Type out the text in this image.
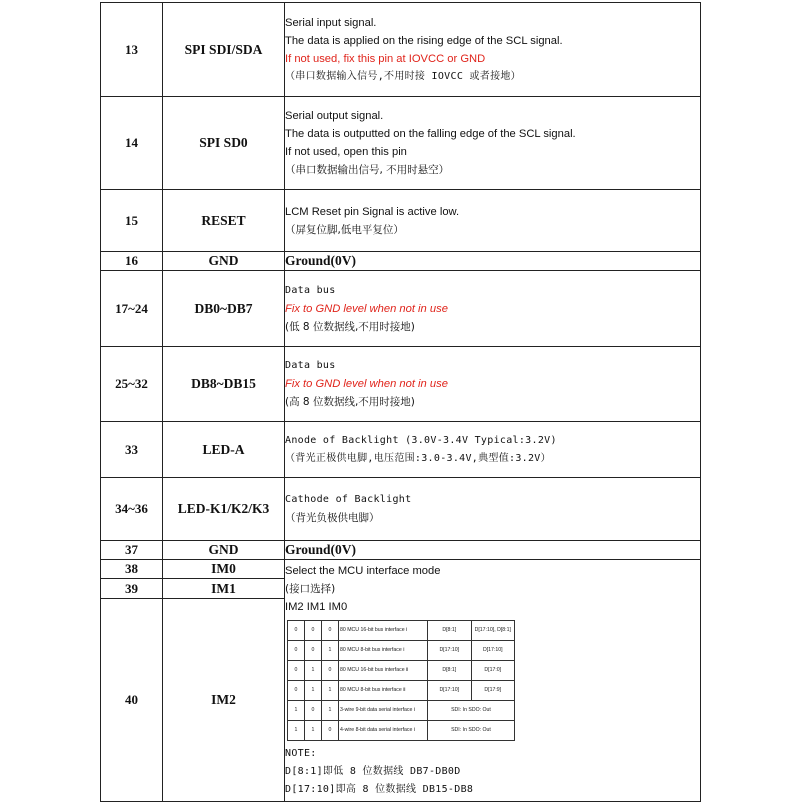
13	SPI SDI/SDA	
Serial input signal.
The data is applied on the rising edge of the SCL signal.
If not used, fix this pin at IOVCC or GND
（串口数据输入信号,不用时接 IOVCC 或者接地）

14	SPI SD0	
Serial output signal.
The data is outputted on the falling edge of the SCL signal.
If not used, open this pin
（串口数据输出信号, 不用时悬空）

15	RESET	
LCM Reset pin Signal is active low.
（屏复位脚,低电平复位）

16	GND	Ground(0V)

17~24	DB0~DB7	
Data bus
Fix to GND level when not in use
(低 8 位数据线,不用时接地)

25~32	DB8~DB15	
Data bus
Fix to GND level when not in use
(高 8 位数据线,不用时接地)

33	LED-A	
Anode of Backlight (3.0V-3.4V Typical:3.2V)
（背光正极供电脚,电压范围:3.0-3.4V,典型值:3.2V）

34~36	LED-K1/K2/K3	
Cathode of Backlight
（背光负极供电脚）

37	GND	Ground(0V)

38	IM0	Select the MCU interface mode
(接口选择)
IM2 IM1 IM0
0	0	0	80 MCU 16-bit bus interface Ⅰ	D[8:1]	D[17:10], D[8:1]
0	0	1	80 MCU 8-bit bus interface Ⅰ	D[17:10]	D[17:10]
0	1	0	80 MCU 16-bit bus interface Ⅱ	D[8:1]	D[17:0]
0	1	1	80 MCU 8-bit bus interface Ⅱ	D[17:10]	D[17:9]
1	0	1	3-wire 9-bit data serial interface Ⅰ	SDI: In SDO: Out
1	1	0	4-wire 8-bit data serial interface Ⅰ	SDI: In SDO: Out
NOTE:
D[8:1]即低 8 位数据线 DB7-DB0D
D[17:10]即高 8 位数据线 DB15-DB8

39	IM1
40	IM2
